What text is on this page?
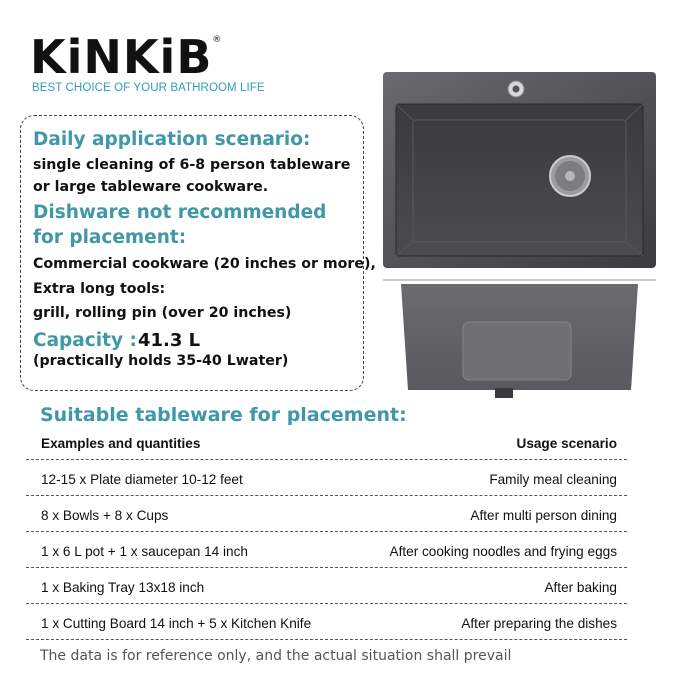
KiNKiB®
BEST CHOICE OF YOUR BATHROOM LIFE
Daily application scenario:
single cleaning of 6-8 person tableware
or large tableware cookware.
Dishware not recommended
for placement:
Commercial cookware (20 inches or more),
Extra long tools:
grill, rolling pin (over 20 inches)
Capacity : 41.3 L
(practically holds 35-40 Lwater)
Suitable tableware for placement:
Examples and quantities	Usage scenario
12-15 x Plate diameter 10-12 feet	Family meal cleaning
8 x Bowls + 8 x Cups	After multi person dining
1 x 6 L pot + 1 x saucepan 14 inch	After cooking noodles and frying eggs
1 x Baking Tray 13x18 inch	After baking
1 x Cutting Board 14 inch + 5 x Kitchen Knife	After preparing the dishes
The data is for reference only, and the actual situation shall prevail
